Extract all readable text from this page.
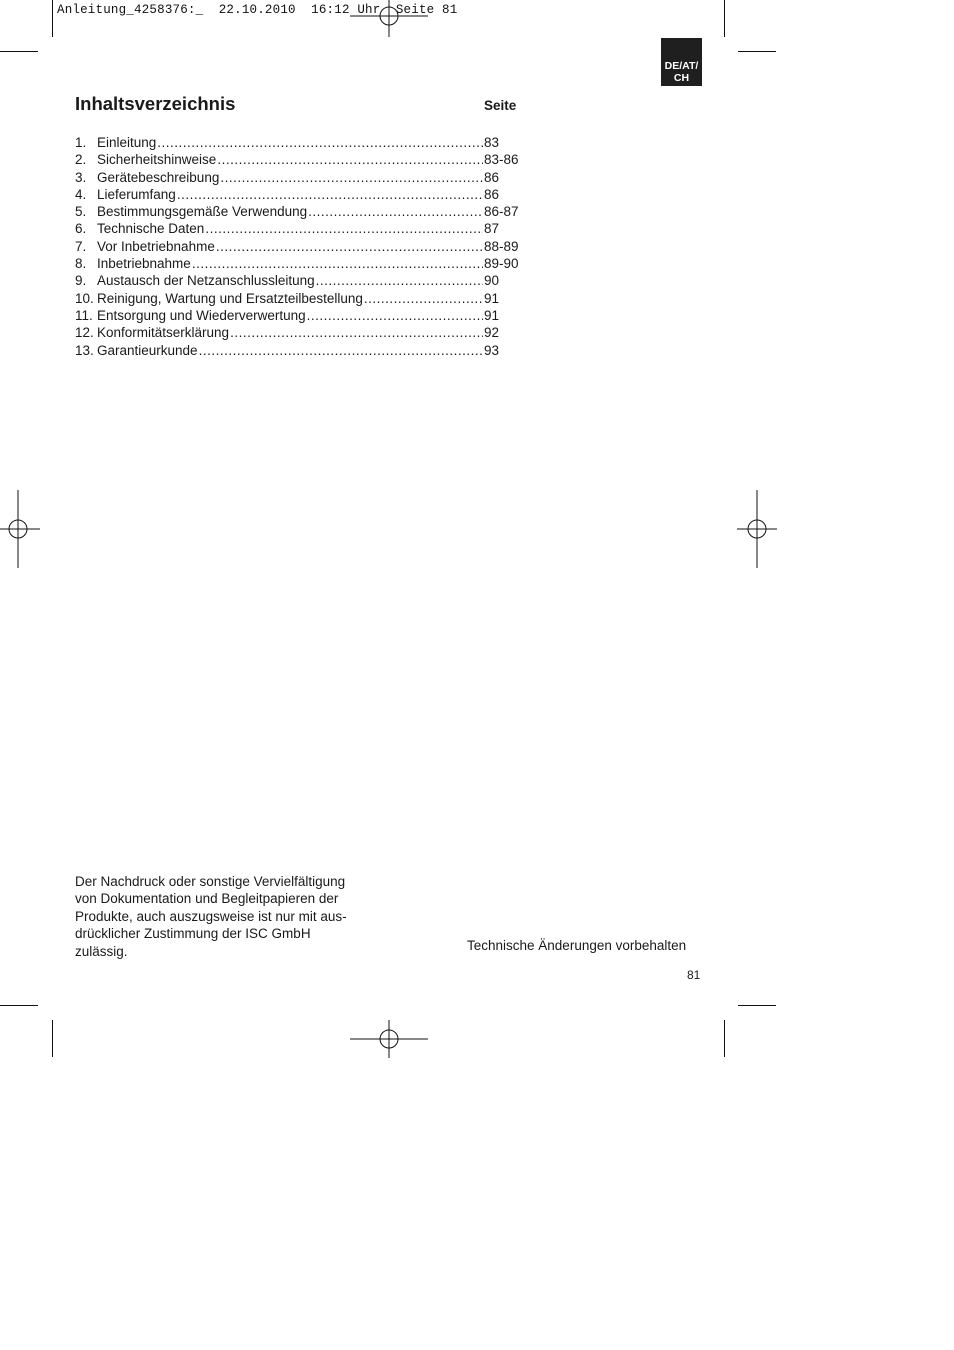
Anleitung_4258376:_  22.10.2010  16:12 Uhr  Seite 81
DE/AT/
CH
Inhaltsverzeichnis	Seite
1. Einleitung .....	83
2. Sicherheitshinweise .....	83-86
3. Gerätebeschreibung .....	86
4. Lieferumfang .....	86
5. Bestimmungsgemäße Verwendung .....	86-87
6. Technische Daten .....	87
7. Vor Inbetriebnahme .....	88-89
8. Inbetriebnahme .....	89-90
9. Austausch der Netzanschlussleitung .....	90
10. Reinigung, Wartung und Ersatzteilbestellung .....	91
11. Entsorgung und Wiederverwertung .....	91
12. Konformitätserklärung .....	92
13. Garantieurkunde .....	93
Der Nachdruck oder sonstige Vervielfältigung
von Dokumentation und Begleitpapieren der
Produkte, auch auszugsweise ist nur mit aus-
drücklicher Zustimmung der ISC GmbH
zulässig.	Technische Änderungen vorbehalten
81
